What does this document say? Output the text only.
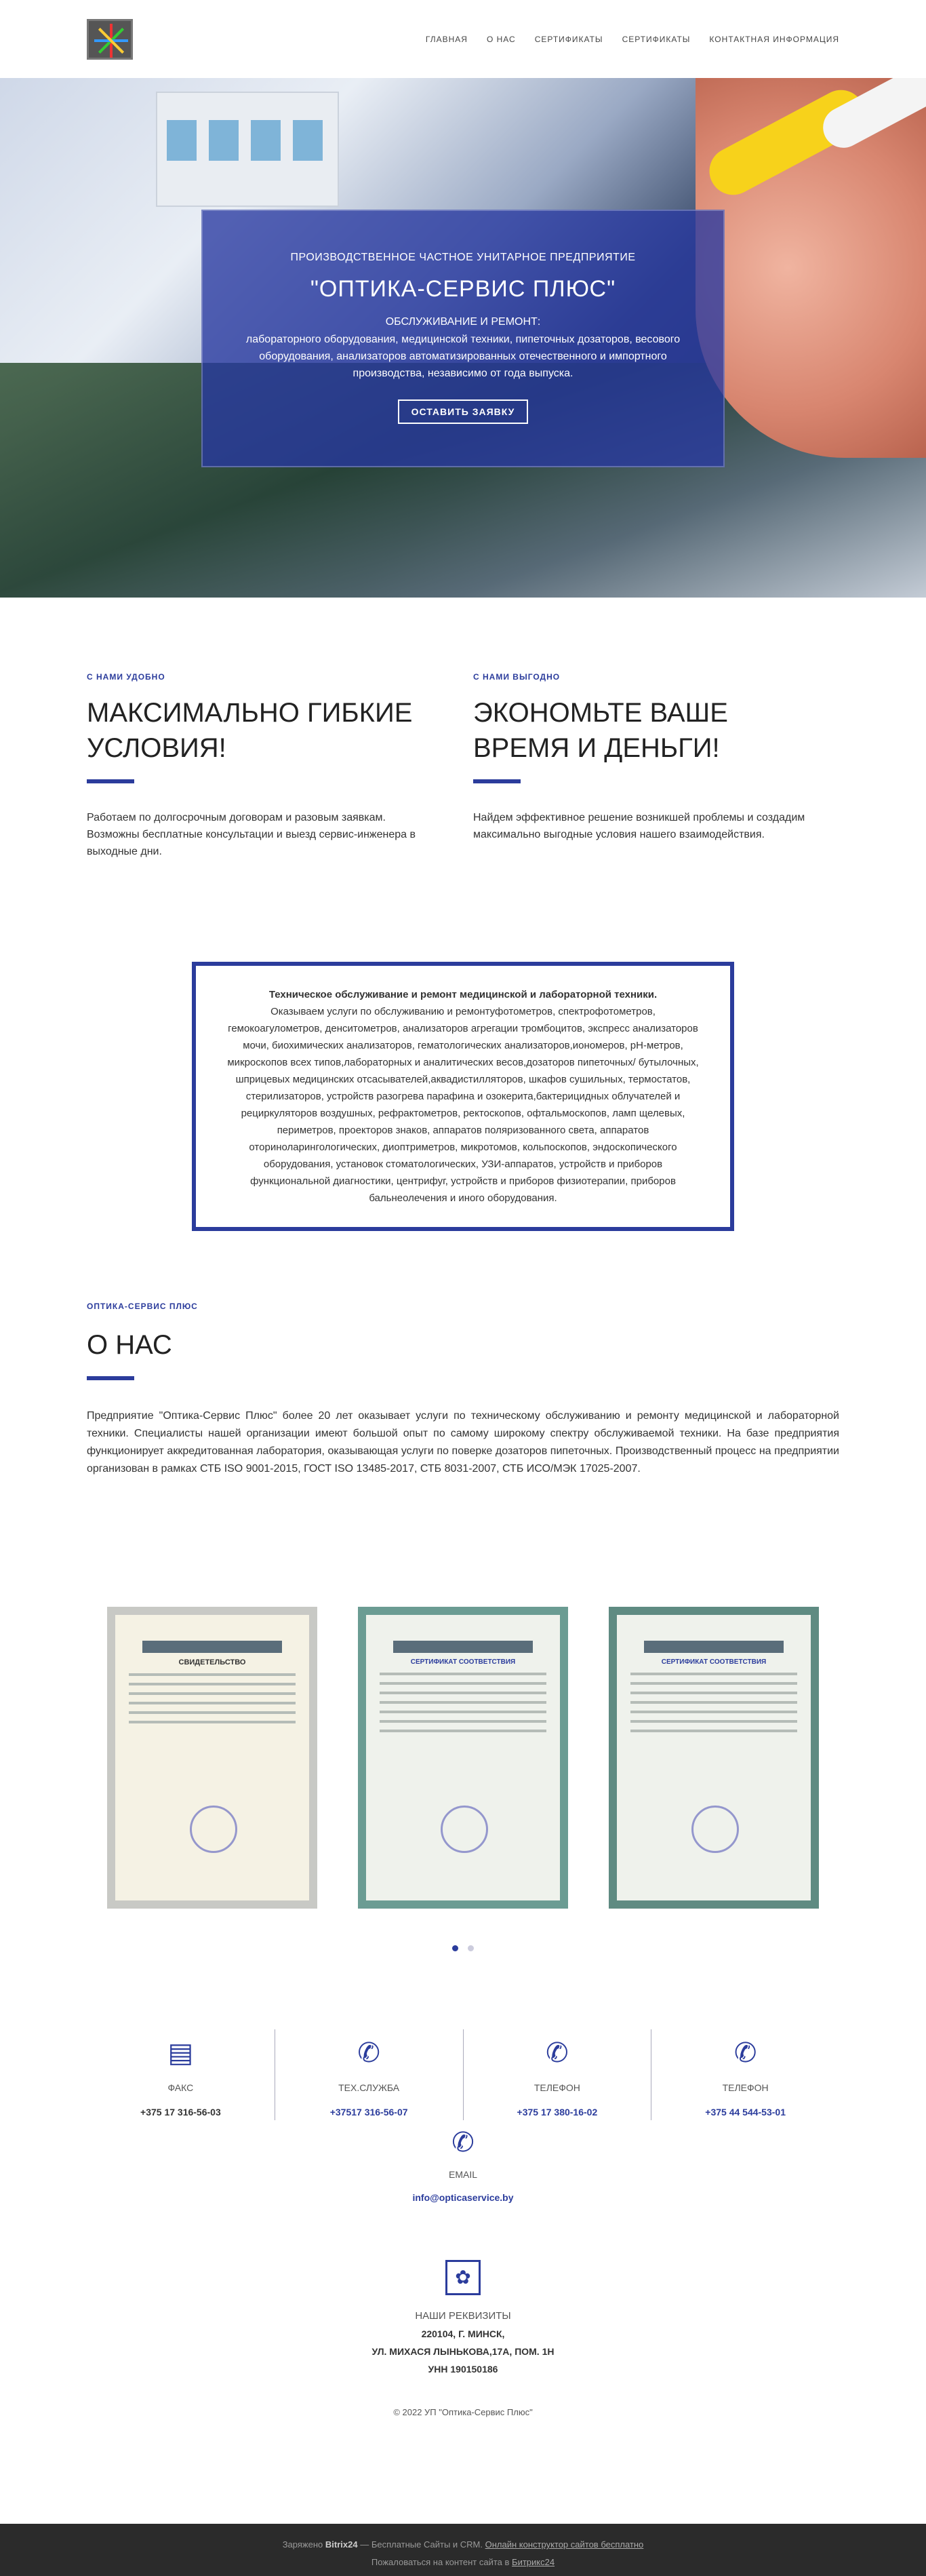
ГЛАВНАЯ О НАС СЕРТИФИКАТЫ СЕРТИФИКАТЫ КОНТАКТНАЯ ИНФОРМАЦИЯ
ПРОИЗВОДСТВЕННОЕ ЧАСТНОЕ УНИТАРНОЕ ПРЕДПРИЯТИЕ
"ОПТИКА-СЕРВИС ПЛЮС"
ОБСЛУЖИВАНИЕ И РЕМОНТ:
лабораторного оборудования, медицинской техники, пипеточных дозаторов, весового оборудования, анализаторов автоматизированных отечественного и импортного производства, независимо от года выпуска.
ОСТАВИТЬ ЗАЯВКУ
С НАМИ УДОБНО
МАКСИМАЛЬНО ГИБКИЕ УСЛОВИЯ!
Работаем по долгосрочным договорам и разовым заявкам. Возможны бесплатные консультации и выезд сервис-инженера в выходные дни.
С НАМИ ВЫГОДНО
ЭКОНОМЬТЕ ВАШЕ ВРЕМЯ И ДЕНЬГИ!
Найдем эффективное решение возникшей проблемы и создадим максимально выгодные условия нашего взаимодействия.
Техническое обслуживание и ремонт медицинской и лабораторной техники.
Оказываем услуги по обслуживанию и ремонтуфотометров, спектрофотометров, гемокоагулометров, денситометров, анализаторов агрегации тромбоцитов, экспресс анализаторов мочи, биохимических анализаторов, гематологических анализаторов,иономеров, pH-метров, микроскопов всех типов,лабораторных и аналитических весов,дозаторов пипеточных/ бутылочных, шприцевых медицинских отсасывателей,аквадистилляторов, шкафов сушильных, термостатов, стерилизаторов, устройств разогрева парафина и озокерита,бактерицидных облучателей и рециркуляторов воздушных, рефрактометров, ректоскопов, офтальмоскопов, ламп щелевых, периметров, проекторов знаков, аппаратов поляризованного света, аппаратов оториноларингологических, диоптриметров, микротомов, кольпоскопов, эндоскопического оборудования, установок стоматологических, УЗИ-аппаратов, устройств и приборов функциональной диагностики, центрифуг, устройств и приборов физиотерапии, приборов бальнеолечения и иного оборудования.
ОПТИКА-СЕРВИС ПЛЮС
О НАС
Предприятие "Оптика-Сервис Плюс" более 20 лет оказывает услуги по техническому обслуживанию и ремонту медицинской и лабораторной техники. Специалисты нашей организации имеют большой опыт по самому широкому спектру обслуживаемой техники. На базе предприятия функционирует аккредитованная лаборатория, оказывающая услуги по поверке дозаторов пипеточных. Производственный процесс на предприятии организован в рамках СТБ ISO 9001-2015, ГОСТ ISO 13485-2017, СТБ 8031-2007, СТБ ИСО/МЭК 17025-2007.
СВИДЕТЕЛЬСТВО	СЕРТИФИКАТ СООТВЕТСТВИЯ	СЕРТИФИКАТ СООТВЕТСТВИЯ

▤
ФАКС
+375 17 316-56-03
✆
ТЕХ.СЛУЖБА
+37517 316-56-07
✆
ТЕЛЕФОН
+375 17 380-16-02
✆
ТЕЛЕФОН
+375 44 544-53-01
✆
EMAIL
info@opticaservice.by
✿
НАШИ РЕКВИЗИТЫ
220104, Г. МИНСК,
УЛ. МИХАСЯ ЛЫНЬКОВА,17А, ПОМ. 1Н
УНН 190150186
© 2022 УП "Оптика-Сервис Плюс"
Заряжено Bitrix24 — Бесплатные Сайты и CRM. Онлайн конструктор сайтов бесплатно
Пожаловаться на контент сайта в Битрикс24
